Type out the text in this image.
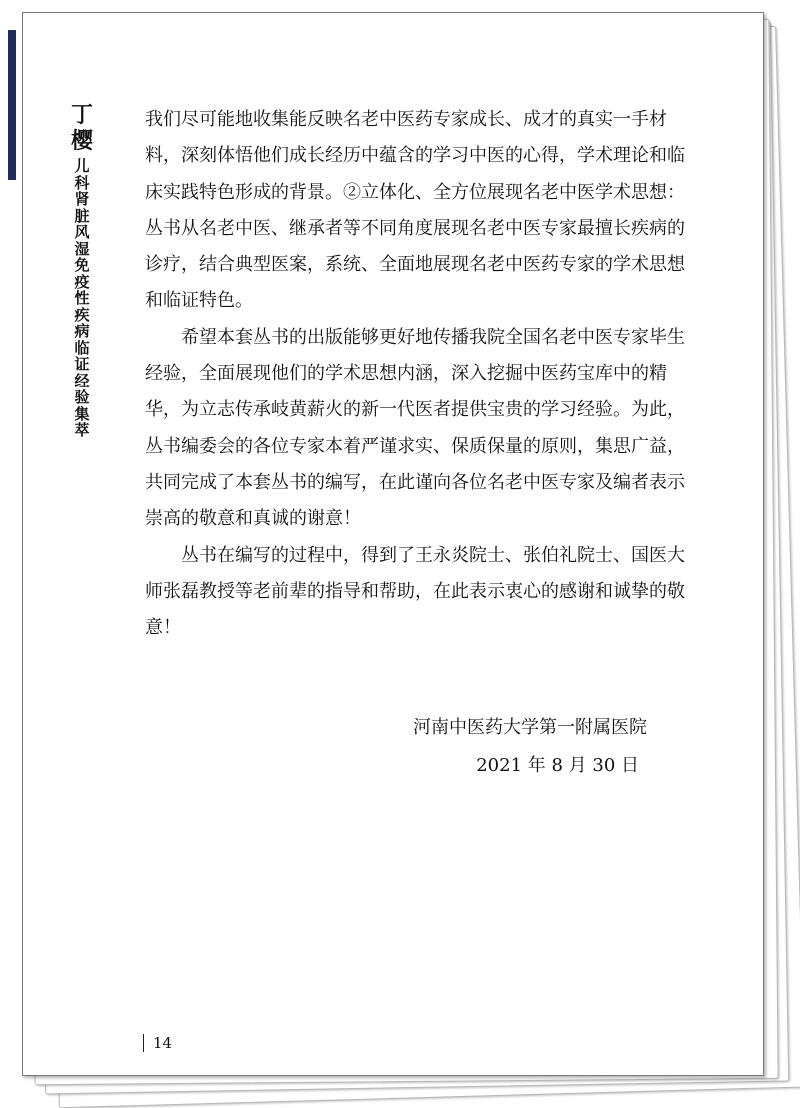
丁
樱
儿
科
肾
脏
风
湿
免
疫
性
疾
病
临
证
经
验
集
萃

我们尽可能地收集能反映名老中医药专家成长、成才的真实一手材料，深刻体悟他们成长经历中蕴含的学习中医的心得，学术理论和临床实践特色形成的背景。②立体化、全方位展现名老中医学术思想：丛书从名老中医、继承者等不同角度展现名老中医专家最擅长疾病的诊疗，结合典型医案，系统、全面地展现名老中医药专家的学术思想和临证特色。

希望本套丛书的出版能够更好地传播我院全国名老中医专家毕生经验，全面展现他们的学术思想内涵，深入挖掘中医药宝库中的精华，为立志传承岐黄薪火的新一代医者提供宝贵的学习经验。为此，丛书编委会的各位专家本着严谨求实、保质保量的原则，集思广益，共同完成了本套丛书的编写，在此谨向各位名老中医专家及编者表示崇高的敬意和真诚的谢意！

丛书在编写的过程中，得到了王永炎院士、张伯礼院士、国医大师张磊教授等老前辈的指导和帮助，在此表示衷心的感谢和诚挚的敬意！

河南中医药大学第一附属医院
2021 年 8 月 30 日
14
